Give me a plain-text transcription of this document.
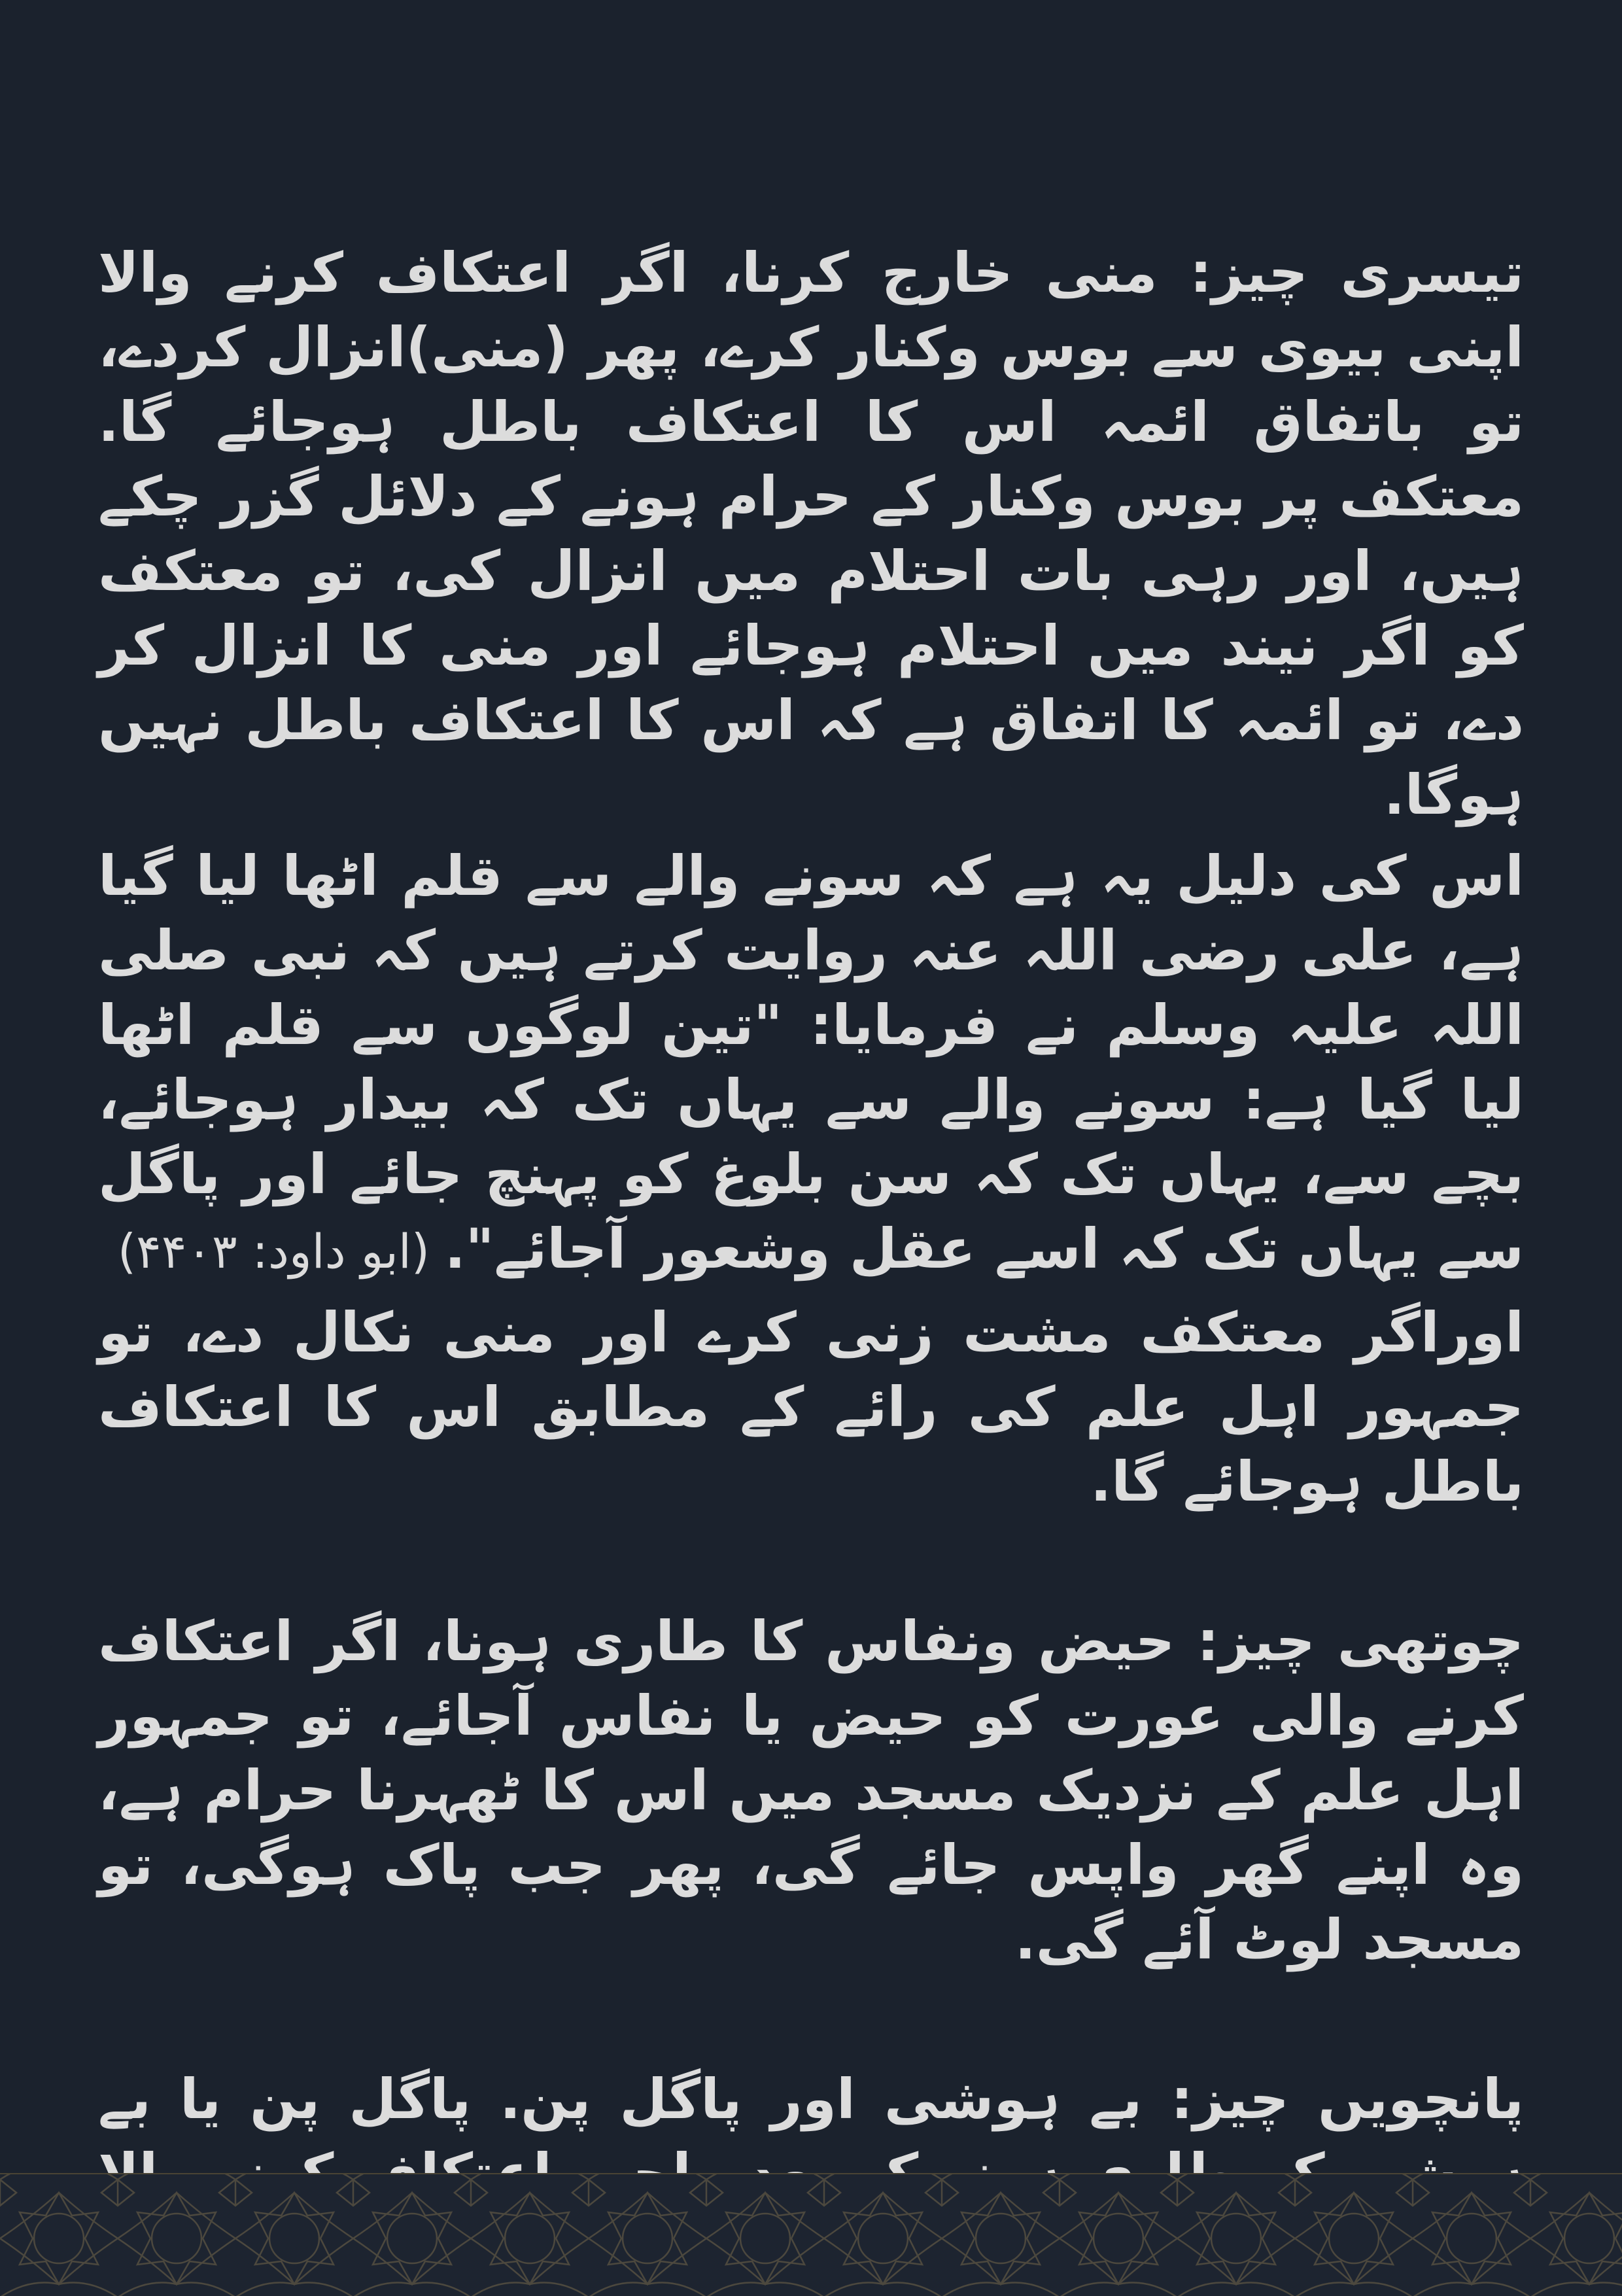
تیسری چیز: منی خارج کرنا، اگر اعتکاف کرنے والا اپنی بیوی سے بوس وکنار کرے، پھر (منی)انزال کردے، تو باتفاق ائمہ اس کا اعتکاف باطل ہوجائے گا. معتکف پر بوس وکنار کے حرام ہونے کے دلائل گزر چکے ہیں، اور رہی بات احتلام میں انزال کی، تو معتکف کو اگر نیند میں احتلام ہوجائے اور منی کا انزال کر دے، تو ائمہ کا اتفاق ہے کہ اس کا اعتکاف باطل نہیں ہوگا.

اس کی دلیل یہ ہے کہ سونے والے سے قلم اٹھا لیا گیا ہے، علی رضی اللہ عنہ روایت کرتے ہیں کہ نبی صلی اللہ علیہ وسلم نے فرمایا: "تین لوگوں سے قلم اٹھا لیا گیا ہے: سونے والے سے یہاں تک کہ بیدار ہوجائے، بچے سے، یہاں تک کہ سن بلوغ کو پہنچ جائے اور پاگل سے یہاں تک کہ اسے عقل وشعور آجائے". (ابو داود: ۴۴۰۳)

اوراگر معتکف مشت زنی کرے اور منی نکال دے، تو جمہور اہل علم کی رائے کے مطابق اس کا اعتکاف باطل ہوجائے گا.

چوتھی چیز: حیض ونفاس کا طاری ہونا، اگر اعتکاف کرنے والی عورت کو حیض یا نفاس آجائے، تو جمہور اہل علم کے نزدیک مسجد میں اس کا ٹھہرنا حرام ہے، وہ اپنے گھر واپس جائے گی، پھر جب پاک ہوگی، تو مسجد لوٹ آئے گی.

پانچویں چیز: بے ہوشی اور پاگل پن. پاگل پن یا بے
